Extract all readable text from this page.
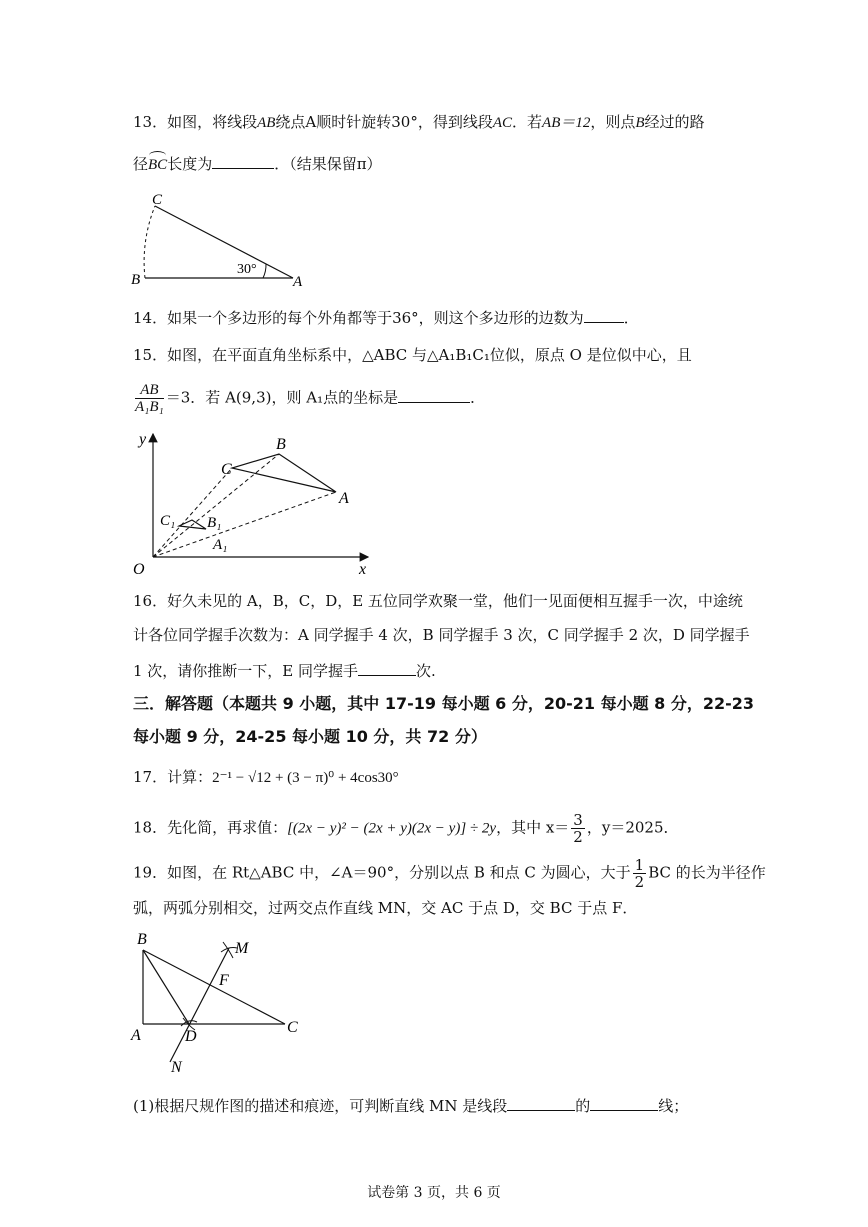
13．如图，将线段AB绕点A顺时针旋转30°，得到线段AC．若AB＝12，则点B经过的路
径BC长度为	．（结果保留π）
C
B	A
30°
14．如果一个多边形的每个外角都等于36°，则这个多边形的边数为	．
15．如图，在平面直角坐标系中，△ABC 与△A₁B₁C₁位似，原点 O 是位似中心，且
$\frac{AB}{\text{A₁B₁}} =3$．若 A(9,3)，则 A₁点的坐标是	．
y
x
O
A
B
C
A₁
B₁
C₁
16．好久未见的 A，B，C，D，E 五位同学欢聚一堂，他们一见面便相互握手一次，中途统
计各位同学握手次数为：A 同学握手 4 次，B 同学握手 3 次，C 同学握手 2 次，D 同学握手
1 次，请你推断一下，E 同学握手	次.
三．解答题（本题共 9 小题，其中 17-19 每小题 6 分，20-21 每小题 8 分，22-23
每小题 9 分，24-25 每小题 10 分，共 72 分）
17．计算：2⁻¹ − √12 + (3 − π)⁰ + 4cos30°
18．先化简，再求值：[(2x − y)² − (2x + y)(2x − y)] ÷ 2y，其中 $x= \frac{3}{2}$ ，y＝2025．
19．如图，在 Rt△ABC 中，∠A＝90°，分别以点 B 和点 C 为圆心，大于 $\frac{1}{2}$ BC 的长为半径作
弧，两弧分别相交，过两交点作直线 MN，交 AC 于点 D，交 BC 于点 F．
B
M
F
A	D
C
N
(1)根据尺规作图的描述和痕迹，可判断直线 MN 是线段	的	线；
试卷第 3 页，共 6 页
